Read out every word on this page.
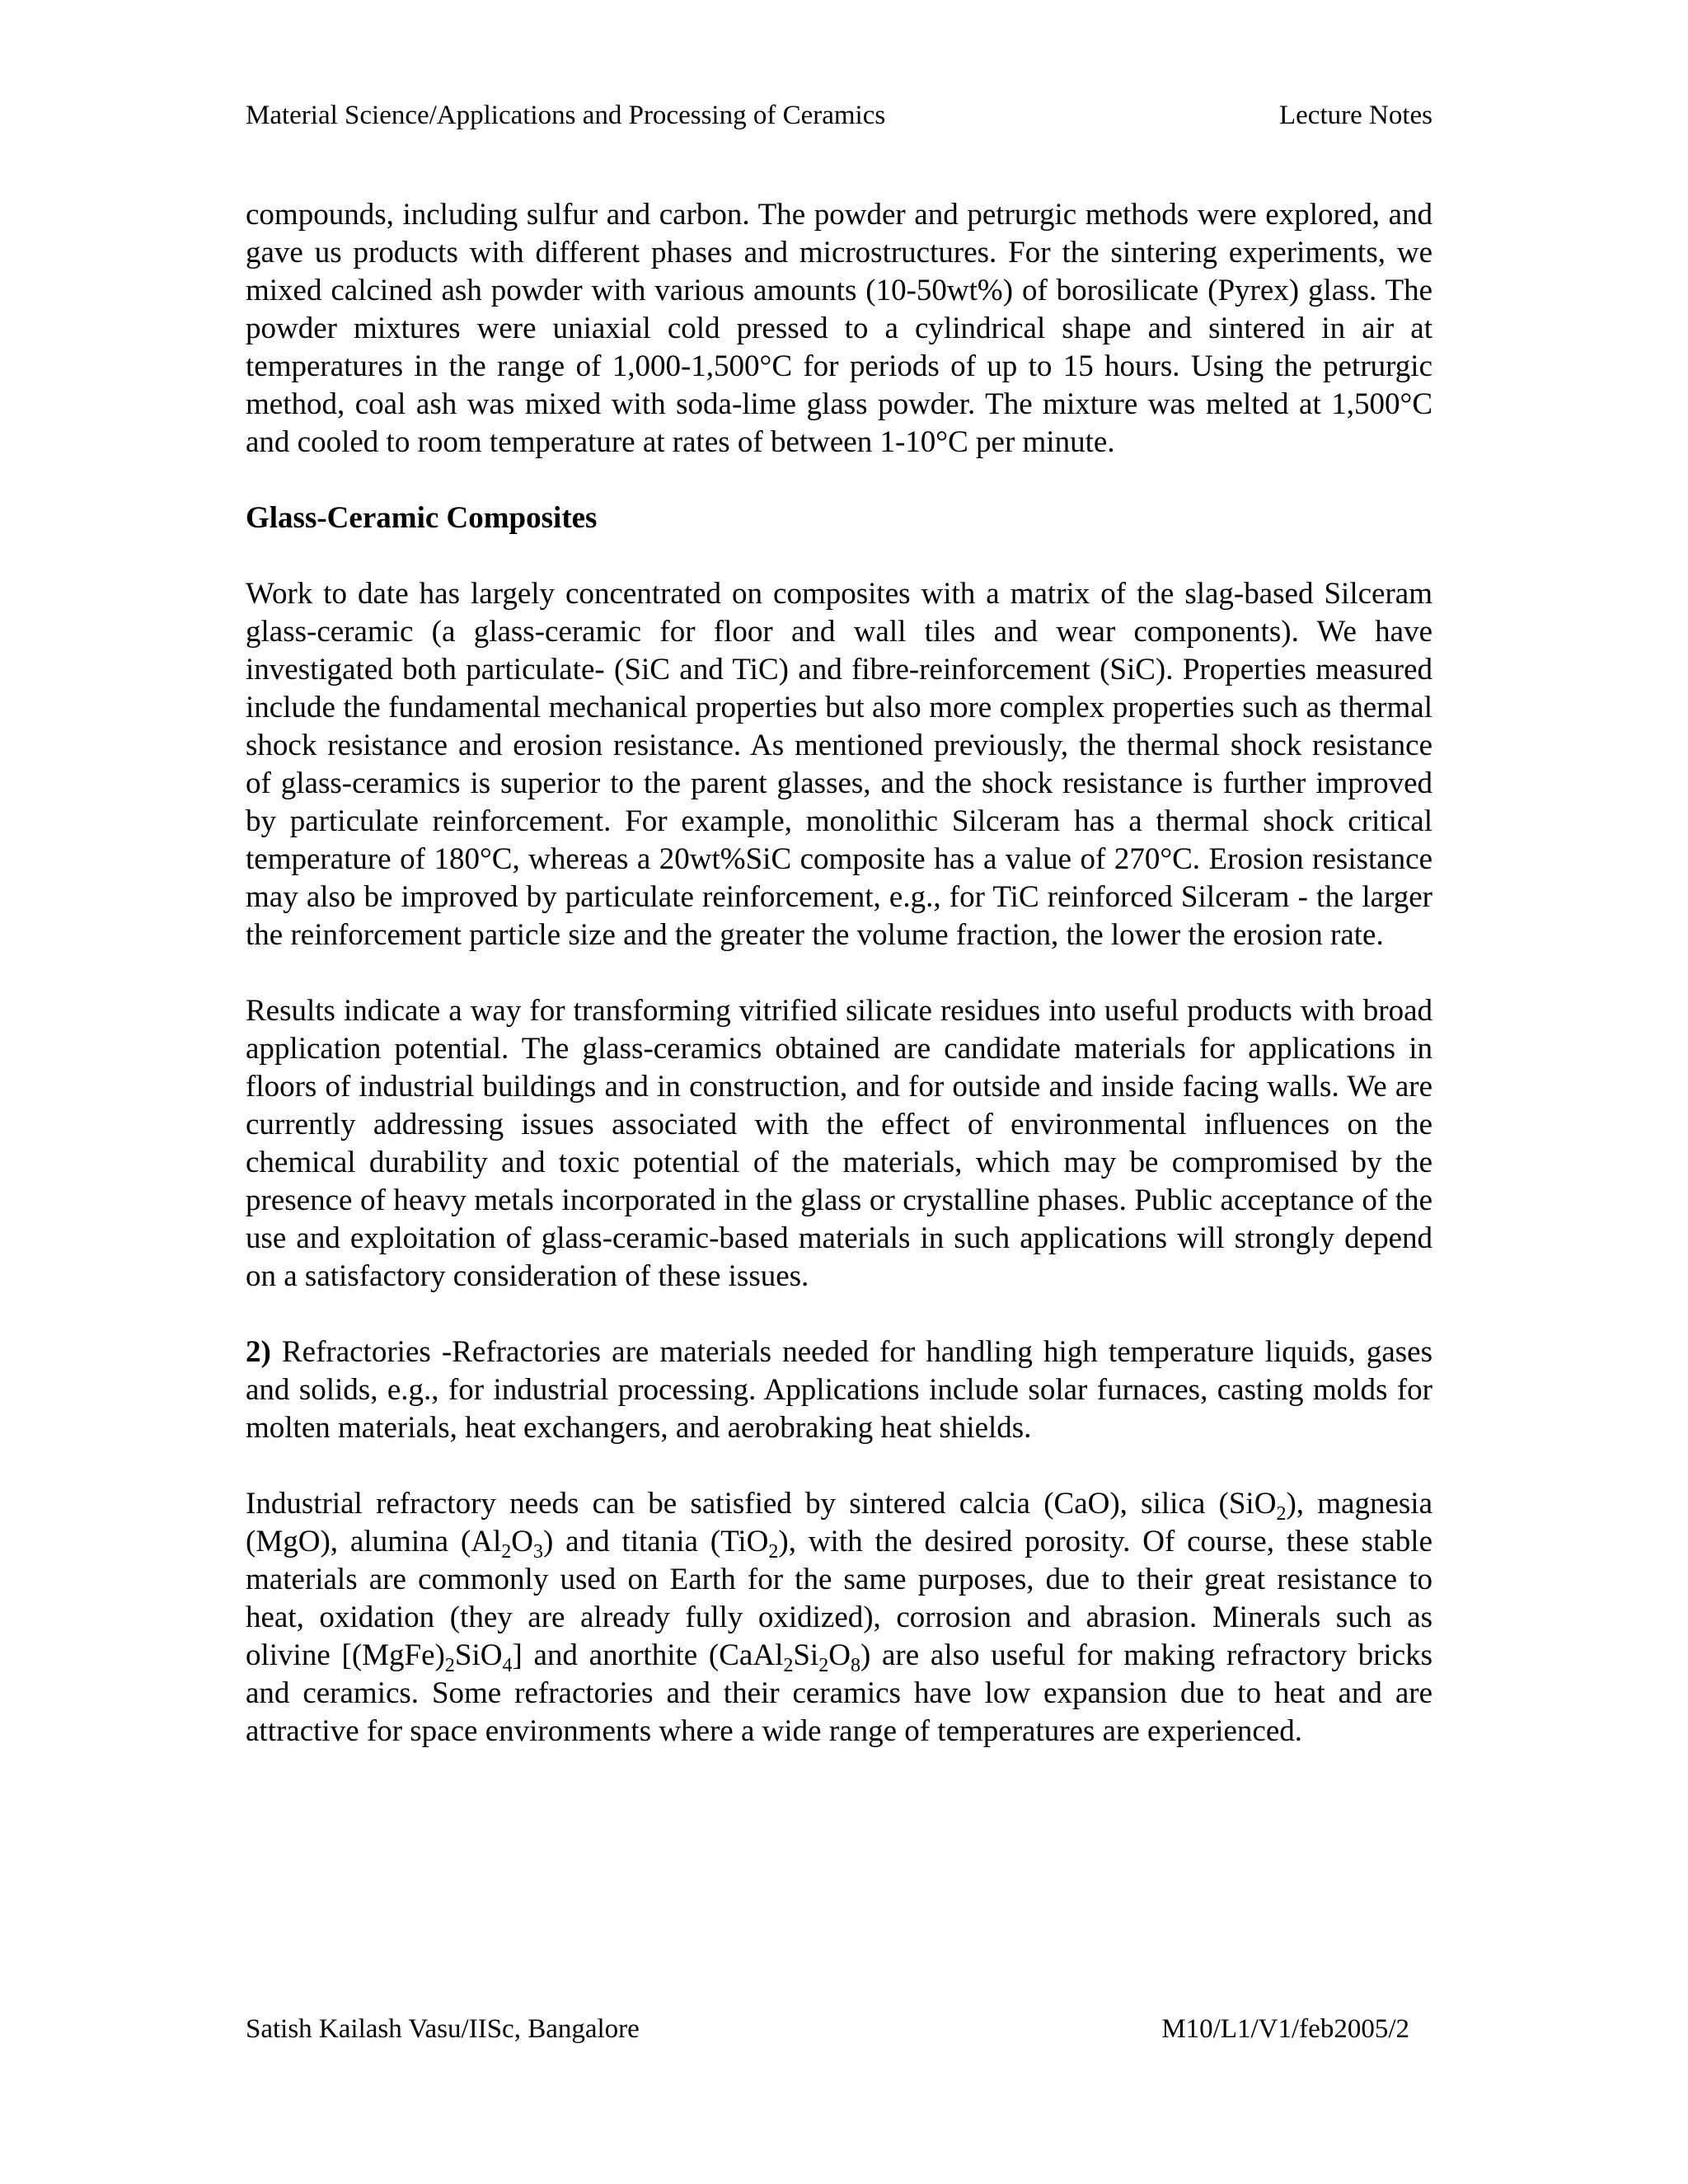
Material Science/Applications and Processing of Ceramics	Lecture Notes

compounds, including sulfur and carbon. The powder and petrurgic methods were explored, and gave us products with different phases and microstructures. For the sintering experiments, we mixed calcined ash powder with various amounts (10-50wt%) of borosilicate (Pyrex) glass. The powder mixtures were uniaxial cold pressed to a cylindrical shape and sintered in air at temperatures in the range of 1,000-1,500°C for periods of up to 15 hours. Using the petrurgic method, coal ash was mixed with soda-lime glass powder. The mixture was melted at 1,500°C and cooled to room temperature at rates of between 1-10°C per minute.

Glass-Ceramic Composites

Work to date has largely concentrated on composites with a matrix of the slag-based Silceram glass-ceramic (a glass-ceramic for floor and wall tiles and wear components). We have investigated both particulate- (SiC and TiC) and fibre-reinforcement (SiC). Properties measured include the fundamental mechanical properties but also more complex properties such as thermal shock resistance and erosion resistance. As mentioned previously, the thermal shock resistance of glass-ceramics is superior to the parent glasses, and the shock resistance is further improved by particulate reinforcement. For example, monolithic Silceram has a thermal shock critical temperature of 180°C, whereas a 20wt%SiC composite has a value of 270°C. Erosion resistance may also be improved by particulate reinforcement, e.g., for TiC reinforced Silceram - the larger the reinforcement particle size and the greater the volume fraction, the lower the erosion rate.

Results indicate a way for transforming vitrified silicate residues into useful products with broad application potential. The glass-ceramics obtained are candidate materials for applications in floors of industrial buildings and in construction, and for outside and inside facing walls. We are currently addressing issues associated with the effect of environmental influences on the chemical durability and toxic potential of the materials, which may be compromised by the presence of heavy metals incorporated in the glass or crystalline phases. Public acceptance of the use and exploitation of glass-ceramic-based materials in such applications will strongly depend on a satisfactory consideration of these issues.

2) Refractories -Refractories are materials needed for handling high temperature liquids, gases and solids, e.g., for industrial processing. Applications include solar furnaces, casting molds for molten materials, heat exchangers, and aerobraking heat shields.

Industrial refractory needs can be satisfied by sintered calcia (CaO), silica (SiO$_2$), magnesia (MgO), alumina $(Al_2O_3)$ and titania (TiO$_2$), with the desired porosity. Of course, these stable materials are commonly used on Earth for the same purposes, due to their great resistance to heat, oxidation (they are already fully oxidized), corrosion and abrasion. Minerals such as olivine $[(MgFe)_2SiO_4]$ and anorthite $(CaAl_2Si_2O_8)$ are also useful for making refractory bricks and ceramics. Some refractories and their ceramics have low expansion due to heat and are attractive for space environments where a wide range of temperatures are experienced.

Satish Kailash Vasu/IISc, Bangalore	M10/L1/V1/feb2005/2
